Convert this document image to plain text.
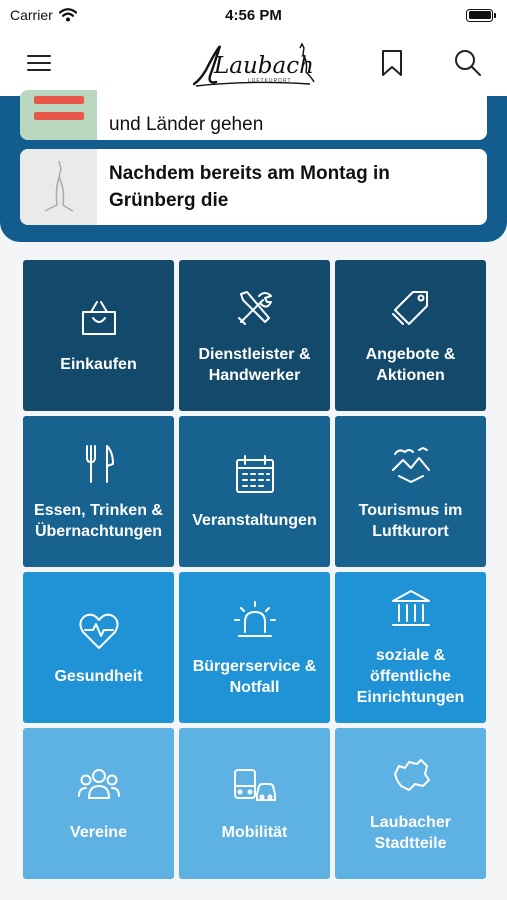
Carrier	4:56 PM
Laubach
LUFTKURORT
und Länder gehen
Nachdem bereits am Montag in Grünberg die
Einkaufen
Dienstleister & Handwerker
Angebote & Aktionen
Essen, Trinken & Übernachtungen
Veranstaltungen
Tourismus im Luftkurort
Gesundheit
Bürgerservice & Notfall
soziale & öffentliche Einrichtungen
Vereine	Mobilität
Laubacher Stadtteile
